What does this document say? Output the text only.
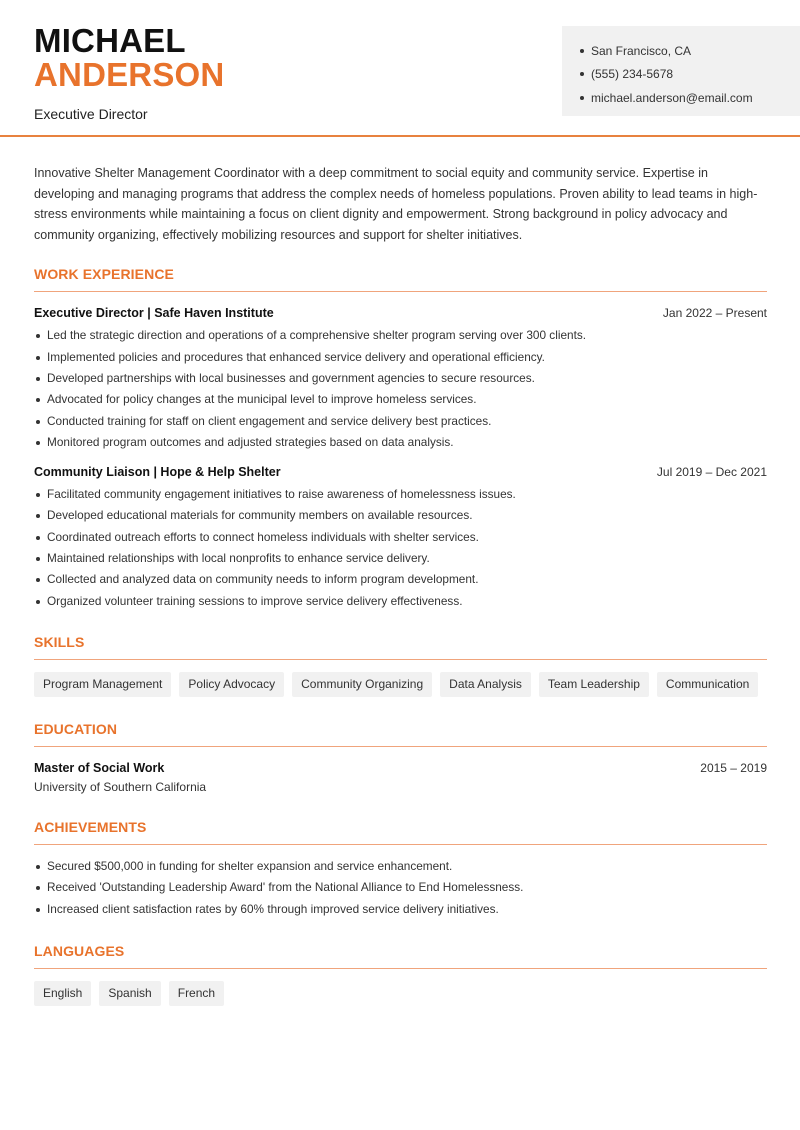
MICHAEL
ANDERSON
Executive Director
San Francisco, CA
(555) 234-5678
michael.anderson@email.com

Innovative Shelter Management Coordinator with a deep commitment to social equity and community service. Expertise in developing and managing programs that address the complex needs of homeless populations. Proven ability to lead teams in high-stress environments while maintaining a focus on client dignity and empowerment. Strong background in policy advocacy and community organizing, effectively mobilizing resources and support for shelter initiatives.

WORK EXPERIENCE
Executive Director | Safe Haven Institute	Jan 2022 – Present
Led the strategic direction and operations of a comprehensive shelter program serving over 300 clients.
Implemented policies and procedures that enhanced service delivery and operational efficiency.
Developed partnerships with local businesses and government agencies to secure resources.
Advocated for policy changes at the municipal level to improve homeless services.
Conducted training for staff on client engagement and service delivery best practices.
Monitored program outcomes and adjusted strategies based on data analysis.
Community Liaison | Hope & Help Shelter	Jul 2019 – Dec 2021
Facilitated community engagement initiatives to raise awareness of homelessness issues.
Developed educational materials for community members on available resources.
Coordinated outreach efforts to connect homeless individuals with shelter services.
Maintained relationships with local nonprofits to enhance service delivery.
Collected and analyzed data on community needs to inform program development.
Organized volunteer training sessions to improve service delivery effectiveness.
SKILLS
Program Management	Policy Advocacy	Community Organizing	Data Analysis	Team Leadership	Communication
EDUCATION
Master of Social Work	2015 – 2019
University of Southern California
ACHIEVEMENTS
Secured $500,000 in funding for shelter expansion and service enhancement.
Received 'Outstanding Leadership Award' from the National Alliance to End Homelessness.
Increased client satisfaction rates by 60% through improved service delivery initiatives.
LANGUAGES
English	Spanish	French
